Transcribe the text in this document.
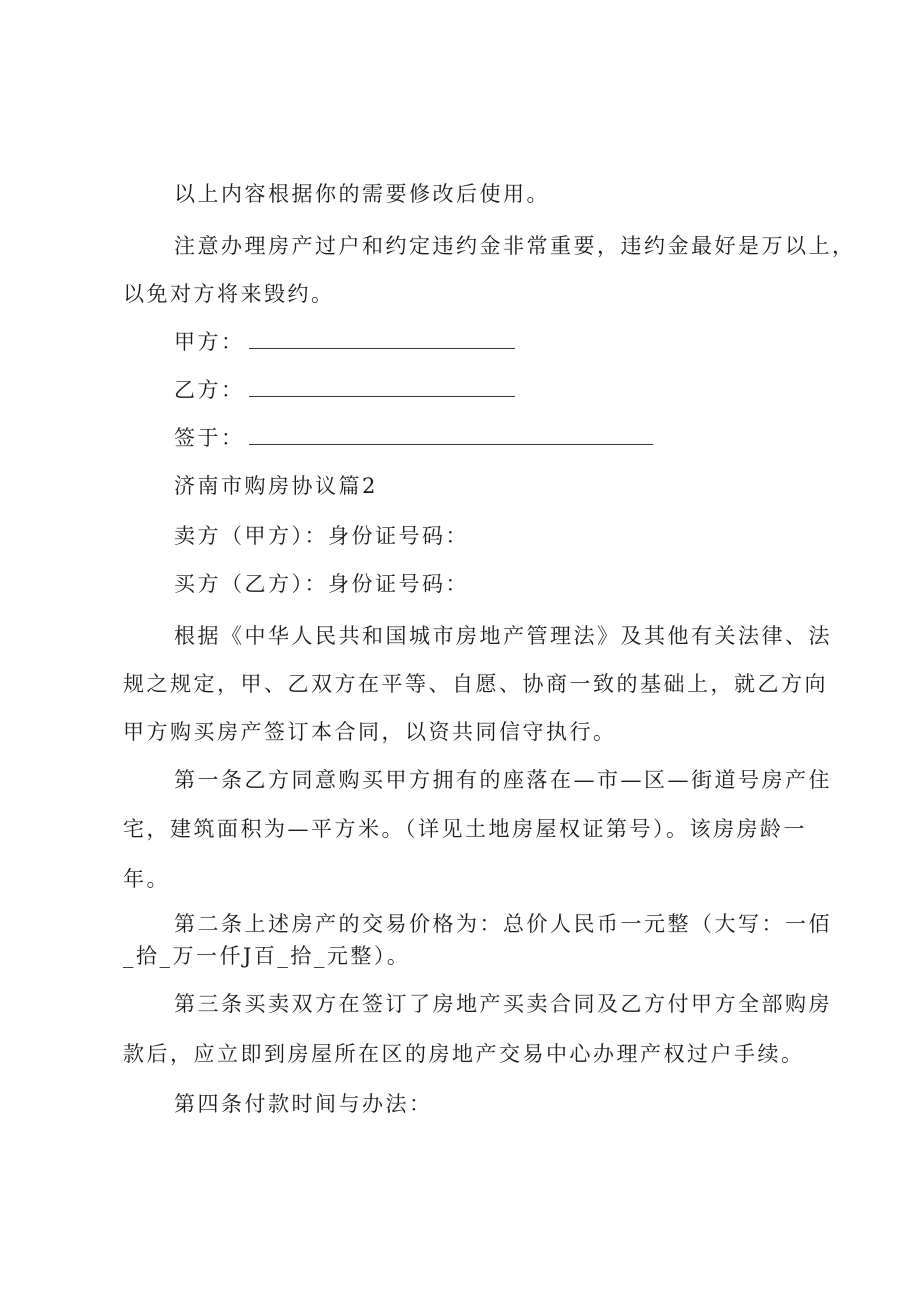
以上内容根据你的需要修改后使用。
注意办理房产过户和约定违约金非常重要，违约金最好是万以上，
以免对方将来毁约。
甲方：
乙方：
签于：
济南市购房协议篇2
卖方（甲方）：身份证号码：
买方（乙方）：身份证号码：
根据《中华人民共和国城市房地产管理法》及其他有关法律、法
规之规定，甲、乙双方在平等、自愿、协商一致的基础上，就乙方向
甲方购买房产签订本合同，以资共同信守执行。
第一条乙方同意购买甲方拥有的座落在—市—区—街道号房产住
宅，建筑面积为—平方米。（详见土地房屋权证第号）。该房房龄一
年。
第二条上述房产的交易价格为：总价人民币一元整（大写：一佰
_拾_万一仟J百_拾_元整）。
第三条买卖双方在签订了房地产买卖合同及乙方付甲方全部购房
款后，应立即到房屋所在区的房地产交易中心办理产权过户手续。
第四条付款时间与办法：
